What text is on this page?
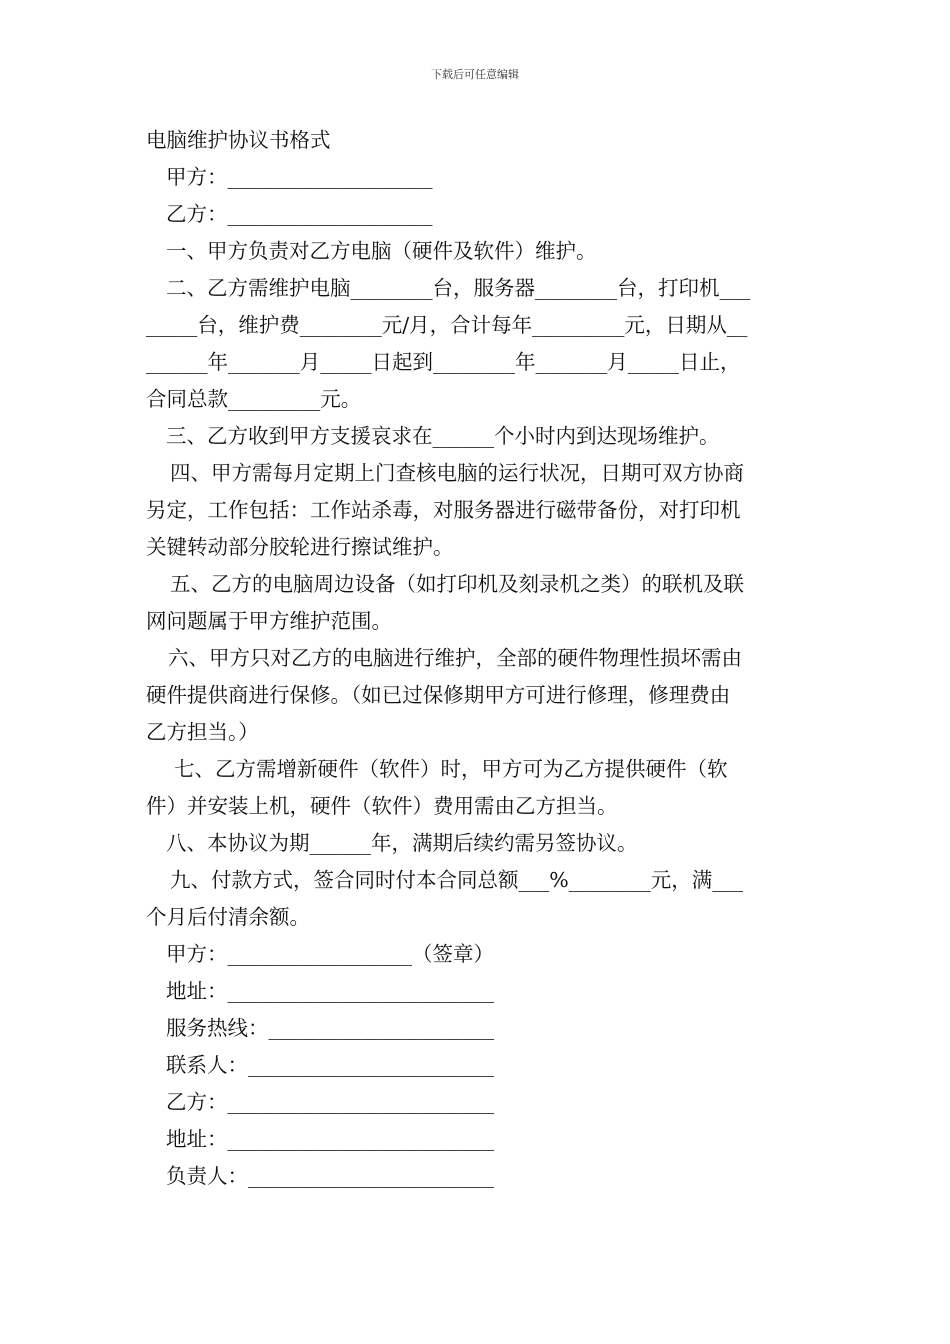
下载后可任意编辑
电脑维护协议书格式
甲方：____________________
乙方：____________________
一、甲方负责对乙方电脑（硬件及软件）维护。
二、乙方需维护电脑________台，服务器________台，打印机___
_____台，维护费________元/月，合计每年_________元，日期从__
______年_______月_____日起到________年_______月_____日止，
合同总款_________元。
三、乙方收到甲方支援哀求在______个小时内到达现场维护。
四、甲方需每月定期上门查核电脑的运行状况，日期可双方协商
另定，工作包括：工作站杀毒，对服务器进行磁带备份，对打印机
关键转动部分胶轮进行擦试维护。
五、乙方的电脑周边设备（如打印机及刻录机之类）的联机及联
网问题属于甲方维护范围。
六、甲方只对乙方的电脑进行维护，全部的硬件物理性损坏需由
硬件提供商进行保修。（如已过保修期甲方可进行修理，修理费由
乙方担当。）
七、乙方需增新硬件（软件）时，甲方可为乙方提供硬件（软
件）并安装上机，硬件（软件）费用需由乙方担当。
八、本协议为期______年，满期后续约需另签协议。
九、付款方式，签合同时付本合同总额___%________元，满___
个月后付清余额。
甲方：__________________（签章）
地址：__________________________
服务热线：______________________
联系人：________________________
乙方：__________________________
地址：__________________________
负责人：________________________
